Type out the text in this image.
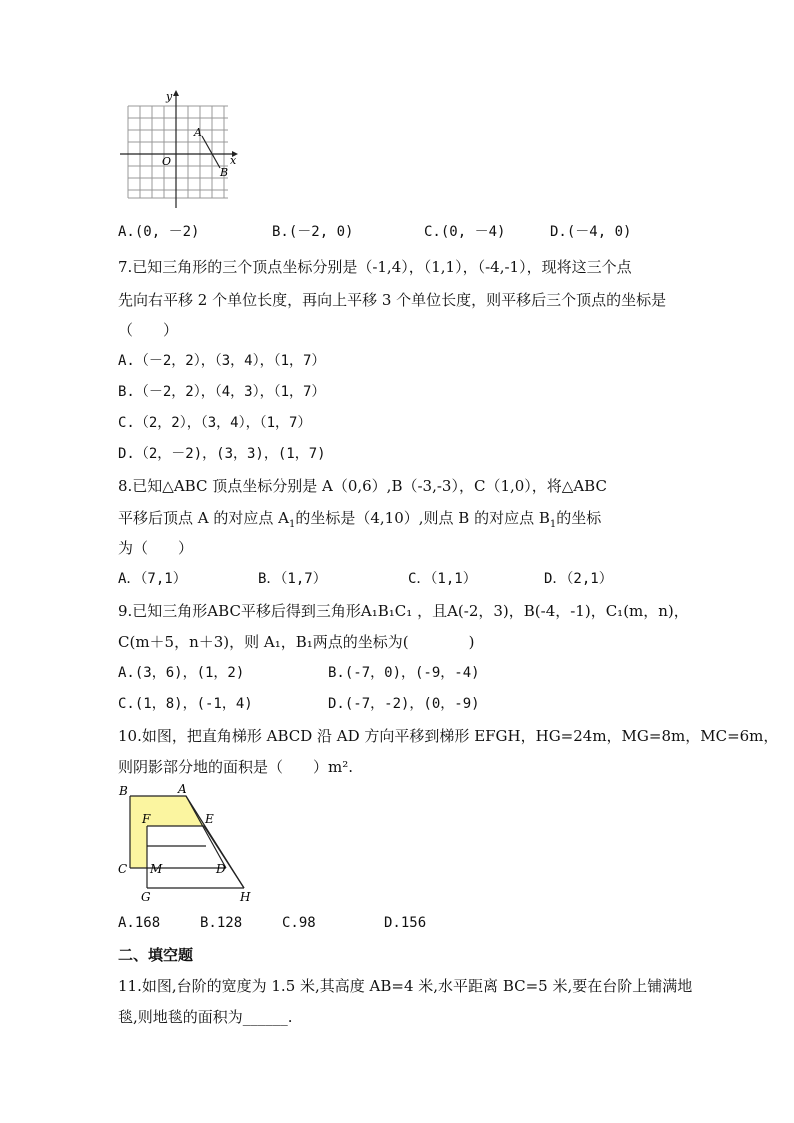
y
x
O
A
B
A.(0, －2)	B.(－2, 0)	C.(0, －4)	D.(－4, 0)
7.已知三角形的三个顶点坐标分别是（-1,4），（1,1），（-4,-1），现将这三个点
先向右平移 2 个单位长度，再向上平移 3 个单位长度，则平移后三个顶点的坐标是
（　　）
A.（－2，2），（3，4），（1，7）
B.（－2，2），（4，3），（1，7）
C.（2，2），（3，4），（1，7）
D.（2，－2)，(3，3)，(1，7)
8.已知△ABC 顶点坐标分别是 A（0,6）,B（-3,-3），C（1,0），将△ABC
平移后顶点 A 的对应点 $A_1$的坐标是（4,10）,则点 B 的对应点 $B_1$的坐标
为（　　）
A．（7,1）	B．（1,7）	C．（1,1）	D．（2,1）
9.已知三角形ABC平移后得到三角形A₁B₁C₁ ，且A(-2，3)，B(-4，-1)，C₁(m，n)，
C(m＋5，n＋3)，则 A₁，B₁两点的坐标为(　　　　)
A.(3，6)，(1，2)	B.(-7，0)，(-9，-4)
C.(1，8)，(-1，4)	D.(-7，-2)，(0，-9)
10.如图，把直角梯形 ABCD 沿 AD 方向平移到梯形 EFGH，HG=24m，MG=8m，MC=6m，
则阴影部分地的面积是（　　）m².
B	A
F	E
C M	D
G	H
A.168	B.128	C.98	D.156
二、填空题
11.如图,台阶的宽度为 1.5 米,其高度 AB=4 米,水平距离 BC=5 米,要在台阶上铺满地
毯,则地毯的面积为______.
